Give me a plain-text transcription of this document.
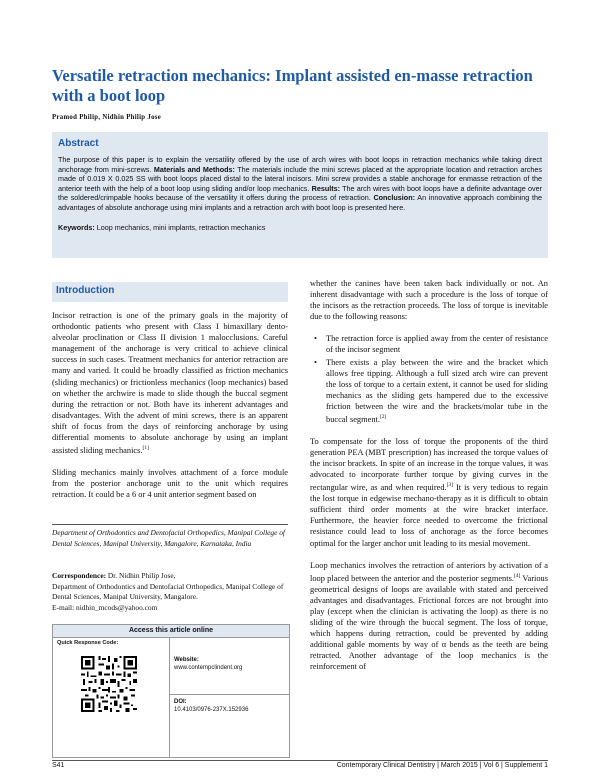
Versatile retraction mechanics: Implant assisted en-masse retraction with a boot loop
Pramod Philip, Nidhin Philip Jose
Abstract

The purpose of this paper is to explain the versatility offered by the use of arch wires with boot loops in retraction mechanics while taking direct anchorage from mini-screws. Materials and Methods: The materials include the mini screws placed at the appropriate location and retraction arches made of 0.019 X 0.025 SS with boot loops placed distal to the lateral incisors. Mini screw provides a stable anchorage for enmasse retraction of the anterior teeth with the help of a boot loop using sliding and/or loop mechanics. Results: The arch wires with boot loops have a definite advantage over the soldered/crimpable hooks because of the versatility it offers during the process of retraction. Conclusion: An innovative approach combining the advantages of absolute anchorage using mini implants and a retraction arch with boot loop is presented here.

Keywords: Loop mechanics, mini implants, retraction mechanics
Introduction

Incisor retraction is one of the primary goals in the majority of orthodontic patients who present with Class I bimaxillary dento-alveolar proclination or Class II division 1 malocclusions. Careful management of the anchorage is very critical to achieve clinical success in such cases. Treatment mechanics for anterior retraction are many and varied. It could be broadly classified as friction mechanics (sliding mechanics) or frictionless mechanics (loop mechanics) based on whether the archwire is made to slide though the buccal segment during the retraction or not. Both have its inherent advantages and disadvantages. With the advent of mini screws, there is an apparent shift of focus from the days of reinforcing anchorage by using differential moments to absolute anchorage by using an implant assisted sliding mechanics.[1]

Sliding mechanics mainly involves attachment of a force module from the posterior anchorage unit to the unit which requires retraction. It could be a 6 or 4 unit anterior segment based on

Department of Orthodontics and Dentofacial Orthopedics, Manipal College of Dental Sciences, Manipal University, Mangalore, Karnataka, India
Correspondence: Dr. Nidhin Philip Jose,
Department of Orthodontics and Dentofacial Orthopedics, Manipal College of Dental Sciences, Manipal University, Mangalore.
E-mail: nidhin_mcods@yahoo.com
Access this article online
Quick Response Code:
Website:
www.contempclindent.org
DOI:
10.4103/0976-237X.152936

whether the canines have been taken back individually or not. An inherent disadvantage with such a procedure is the loss of torque of the incisors as the retraction proceeds. The loss of torque is inevitable due to the following reasons:

• The retraction force is applied away from the center of resistance of the incisor segment
• There exists a play between the wire and the bracket which allows free tipping. Although a full sized arch wire can prevent the loss of torque to a certain extent, it cannot be used for sliding mechanics as the sliding gets hampered due to the excessive friction between the wire and the brackets/molar tube in the buccal segment.[2]

To compensate for the loss of torque the proponents of the third generation PEA (MBT prescription) has increased the torque values of the incisor brackets. In spite of an increase in the torque values, it was advocated to incorporate further torque by giving curves in the rectangular wire, as and when required.[3] It is very tedious to regain the lost torque in edgewise mechano-therapy as it is difficult to obtain sufficient third order moments at the wire bracket interface. Furthermore, the heavier force needed to overcome the frictional resistance could lead to loss of anchorage as the force becomes optimal for the larger anchor unit leading to its mesial movement.

Loop mechanics involves the retraction of anteriors by activation of a loop placed between the anterior and the posterior segments.[4] Various geometrical designs of loops are available with stated and perceived advantages and disadvantages. Frictional forces are not brought into play (except when the clinician is activating the loop) as there is no sliding of the wire through the buccal segment. The loss of torque, which happens during retraction, could be prevented by adding additional gable moments by way of α bends as the teeth are being retracted. Another advantage of the loop mechanics is the reinforcement of

S41	Contemporary Clinical Dentistry | March 2015 | Vol 6 | Supplement 1
